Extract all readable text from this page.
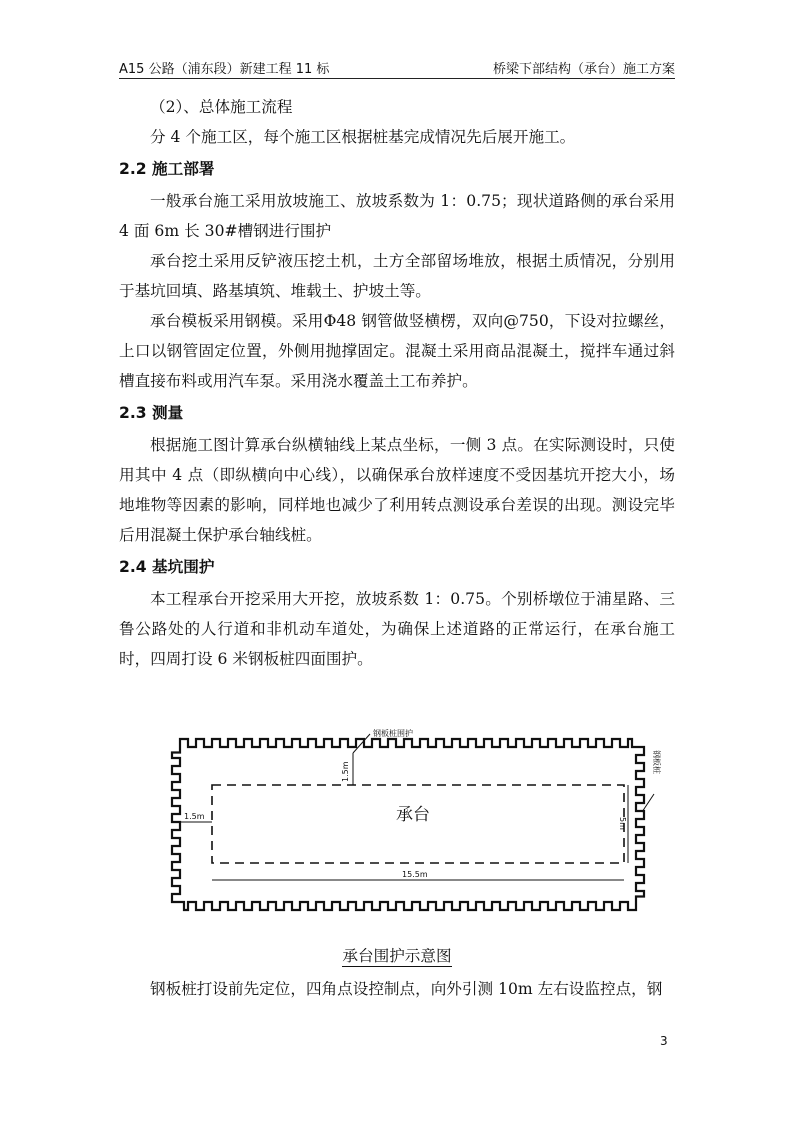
A15 公路（浦东段）新建工程 11 标	桥梁下部结构（承台）施工方案

（2）、总体施工流程

分 4 个施工区，每个施工区根据桩基完成情况先后展开施工。

2.2 施工部署

一般承台施工采用放坡施工、放坡系数为 1：0.75；现状道路侧的承台采用 4 面 6m 长 30#槽钢进行围护

承台挖土采用反铲液压挖土机，土方全部留场堆放，根据土质情况，分别用于基坑回填、路基填筑、堆载土、护坡土等。

承台模板采用钢模。采用Φ48 钢管做竖横楞，双向@750，下设对拉螺丝，上口以钢管固定位置，外侧用抛撑固定。混凝土采用商品混凝土，搅拌车通过斜槽直接布料或用汽车泵。采用浇水覆盖土工布养护。

2.3 测量

根据施工图计算承台纵横轴线上某点坐标，一侧 3 点。在实际测设时，只使用其中 4 点（即纵横向中心线），以确保承台放样速度不受因基坑开挖大小，场地堆物等因素的影响，同样地也减少了利用转点测设承台差误的出现。测设完毕后用混凝土保护承台轴线桩。

2.4 基坑围护

本工程承台开挖采用大开挖，放坡系数 1：0.75。个别桥墩位于浦星路、三鲁公路处的人行道和非机动车道处，为确保上述道路的正常运行，在承台施工时，四周打设 6 米钢板桩四面围护。

承台
1.5m
钢板桩围护
1.5m
5m
钢板桩
15.5m
承台围护示意图

钢板桩打设前先定位，四角点设控制点，向外引测 10m 左右设监控点，钢

3
